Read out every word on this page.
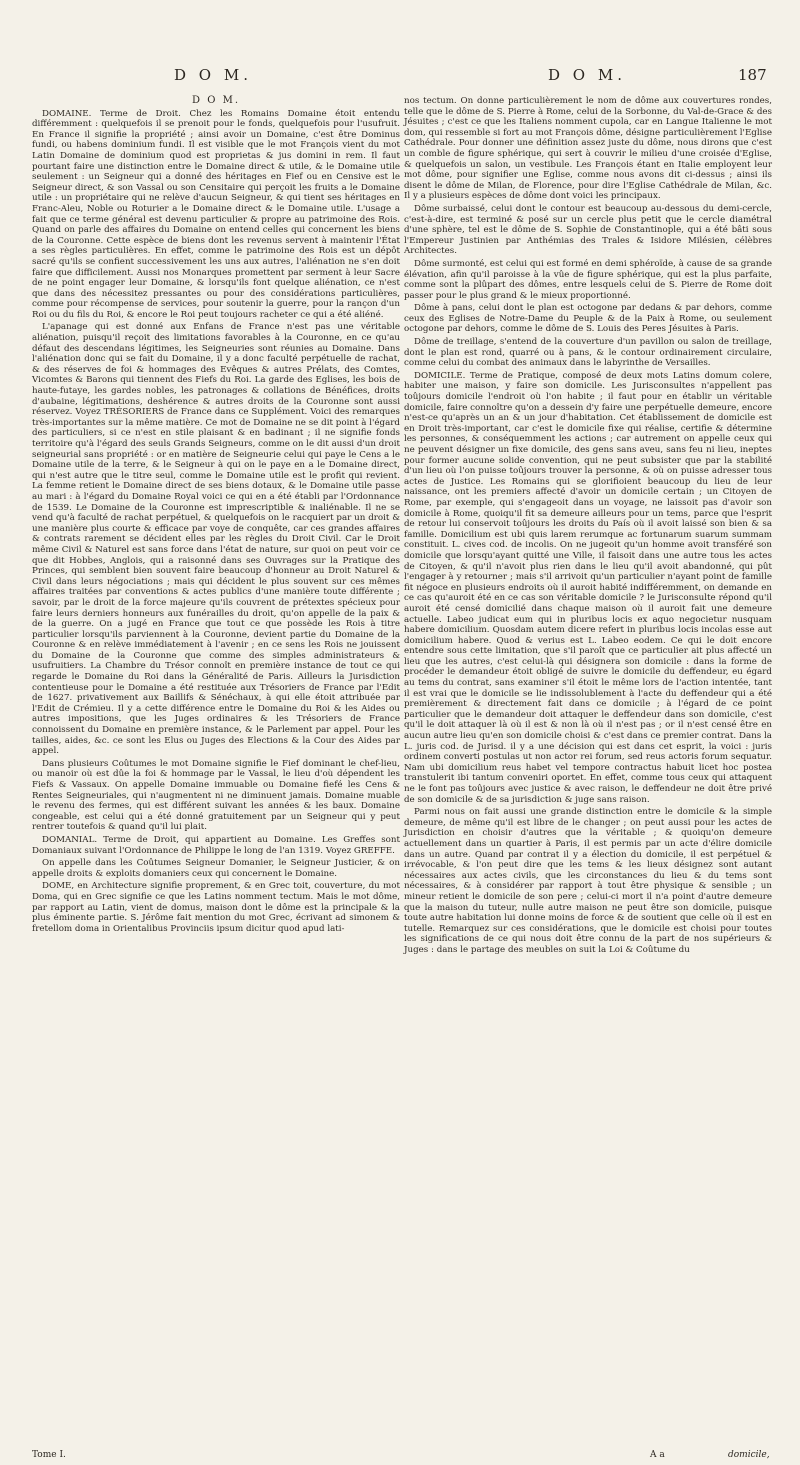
D O M.	D O M.	187

D O M.

DOMAINE. Terme de Droit. Chez les Romains Domaine étoit entendu différemment : quelquefois il se prenoit pour le fonds, quelquefois pour l'usufruit. En France il signifie la propriété ; ainsi avoir un Domaine, c'est être Dominus fundi, ou habens dominium fundi. Il est visible que le mot François vient du mot Latin Domaine de dominium quod est proprietas & jus domini in rem. Il faut pourtant faire une distinction entre le Domaine direct & utile, & le Domaine utile seulement : un Seigneur qui a donné des héritages en Fief ou en Censive est le Seigneur direct, & son Vassal ou son Censitaire qui perçoit les fruits a le Domaine utile : un propriétaire qui ne relève d'aucun Seigneur, & qui tient ses héritages en Franc-Aleu, Noble ou Roturier a le Domaine direct & le Domaine utile. L'usage a fait que ce terme général est devenu particulier & propre au patrimoine des Rois. Quand on parle des affaires du Domaine on entend celles qui concernent les biens de la Couronne. Cette espèce de biens dont les revenus servent à maintenir l'État a ses règles particulières. En effet, comme le patrimoine des Rois est un dépôt sacré qu'ils se confient successivement les uns aux autres, l'aliénation ne s'en doit faire que difficilement. Aussi nos Monarques promettent par serment à leur Sacre de ne point engager leur Domaine, & lorsqu'ils font quelque aliénation, ce n'est que dans des nécessitez pressantes ou pour des considérations particulières, comme pour récompense de services, pour soutenir la guerre, pour la rançon d'un Roi ou du fils du Roi, & encore le Roi peut toujours racheter ce qui a été aliéné.

L'apanage qui est donné aux Enfans de France n'est pas une véritable aliénation, puisqu'il reçoit des limitations favorables à la Couronne, en ce qu'au défaut des descendans légitimes, les Seigneuries sont réunies au Domaine. Dans l'aliénation donc qui se fait du Domaine, il y a donc faculté perpétuelle de rachat, & des réserves de foi & hommages des Evêques & autres Prélats, des Comtes, Vicomtes & Barons qui tiennent des Fiefs du Roi. La garde des Eglises, les bois de haute-futaye, les gardes nobles, les patronages & collations de Bénéfices, droits d'aubaine, légitimations, deshérence & autres droits de la Couronne sont aussi réservez. Voyez TRÉSORIERS de France dans ce Supplément. Voici des remarques très-importantes sur la même matière. Ce mot de Domaine ne se dit point à l'égard des particuliers, si ce n'est en stile plaisant & en badinant ; il ne signifie fonds territoire qu'à l'égard des seuls Grands Seigneurs, comme on le dit aussi d'un droit seigneurial sans propriété : or en matière de Seigneurie celui qui paye le Cens a le Domaine utile de la terre, & le Seigneur à qui on le paye en a le Domaine direct, qui n'est autre que le titre seul, comme le Domaine utile est le profit qui revient. La femme retient le Domaine direct de ses biens dotaux, & le Domaine utile passe au mari : à l'égard du Domaine Royal voici ce qui en a été établi par l'Ordonnance de 1539. Le Domaine de la Couronne est imprescriptible & inaliénable. Il ne se vend qu'à faculté de rachat perpétuel, & quelquefois on le racquiert par un droit & une manière plus courte & efficace par voye de conquête, car ces grandes affaires & contrats rarement se décident elles par les règles du Droit Civil. Car le Droit même Civil & Naturel est sans force dans l'état de nature, sur quoi on peut voir ce que dit Hobbes, Anglois, qui a raisonné dans ses Ouvrages sur la Pratique des Princes, qui semblent bien souvent faire beaucoup d'honneur au Droit Naturel & Civil dans leurs négociations ; mais qui décident le plus souvent sur ces mêmes affaires traitées par conventions & actes publics d'une manière toute différente ; savoir, par le droit de la force majeure qu'ils couvrent de prétextes spécieux pour faire leurs derniers honneurs aux funérailles du droit, qu'on appelle de la paix & de la guerre. On a jugé en France que tout ce que possède les Rois à titre particulier lorsqu'ils parviennent à la Couronne, devient partie du Domaine de la Couronne & en relève immédiatement à l'avenir ; en ce sens les Rois ne jouissent du Domaine de la Couronne que comme des simples administrateurs & usufruitiers. La Chambre du Trésor connoît en première instance de tout ce qui regarde le Domaine du Roi dans la Généralité de Paris. Ailleurs la Jurisdiction contentieuse pour le Domaine a été restituée aux Trésoriers de France par l'Edit de 1627. privativement aux Baillifs & Sénéchaux, à qui elle étoit attribuée par l'Edit de Crémieu. Il y a cette différence entre le Domaine du Roi & les Aides ou autres impositions, que les Juges ordinaires & les Trésoriers de France connoissent du Domaine en première instance, & le Parlement par appel. Pour les tailles, aides, &c. ce sont les Elus ou Juges des Elections & la Cour des Aides par appel.

Dans plusieurs Coûtumes le mot Domaine signifie le Fief dominant le chef-lieu, ou manoir où est dûe la foi & hommage par le Vassal, le lieu d'où dépendent les Fiefs & Vassaux. On appelle Domaine immuable ou Domaine fiefé les Cens & Rentes Seigneuriales, qui n'augmentent ni ne diminuent jamais. Domaine muable le revenu des fermes, qui est différent suivant les années & les baux. Domaine congeable, est celui qui a été donné gratuitement par un Seigneur qui y peut rentrer toutefois & quand qu'il lui plait.

DOMANIAL. Terme de Droit, qui appartient au Domaine. Les Greffes sont Domaniaux suivant l'Ordonnance de Philippe le long de l'an 1319. Voyez GREFFE.

On appelle dans les Coûtumes Seigneur Domanier, le Seigneur Justicier, & on appelle droits & exploits domaniers ceux qui concernent le Domaine.

DOME, en Architecture signifie proprement, & en Grec toit, couverture, du mot Doma, qui en Grec signifie ce que les Latins nomment tectum. Mais le mot dôme, par rapport au Latin, vient de domus, maison dont le dôme est la principale & la plus éminente partie. S. Jérôme fait mention du mot Grec, écrivant ad simonem & fretellom doma in Orientalibus Provinciis ipsum dicitur quod apud lati-

nos tectum. On donne particulièrement le nom de dôme aux couvertures rondes, telle que le dôme de S. Pierre à Rome, celui de la Sorbonne, du Val-de-Grace & des Jésuites ; c'est ce que les Italiens nomment cupola, car en Langue Italienne le mot dom, qui ressemble si fort au mot François dôme, désigne particulièrement l'Eglise Cathédrale. Pour donner une définition assez juste du dôme, nous dirons que c'est un comble de figure sphérique, qui sert à couvrir le milieu d'une croisée d'Eglise, & quelquefois un salon, un vestibule. Les François étant en Italie employent leur mot dôme, pour signifier une Eglise, comme nous avons dit ci-dessus ; ainsi ils disent le dôme de Milan, de Florence, pour dire l'Eglise Cathédrale de Milan, &c. Il y a plusieurs espèces de dôme dont voici les principaux.

Dôme surbaissé, celui dont le contour est beaucoup au-dessous du demi-cercle, c'est-à-dire, est terminé & posé sur un cercle plus petit que le cercle diamétral d'une sphère, tel est le dôme de S. Sophie de Constantinople, qui a été bâti sous l'Empereur Justinien par Anthémias des Trales & Isidore Milésien, célèbres Architectes.

Dôme surmonté, est celui qui est formé en demi sphéroïde, à cause de sa grande élévation, afin qu'il paroisse à la vûe de figure sphérique, qui est la plus parfaite, comme sont la plûpart des dômes, entre lesquels celui de S. Pierre de Rome doit passer pour le plus grand & le mieux proportionné.

Dôme à pans, celui dont le plan est octogone par dedans & par dehors, comme ceux des Eglises de Notre-Dame du Peuple & de la Paix à Rome, ou seulement octogone par dehors, comme le dôme de S. Louis des Peres Jésuites à Paris.

Dôme de treillage, s'entend de la couverture d'un pavillon ou salon de treillage, dont le plan est rond, quarré ou à pans, & le contour ordinairement circulaire, comme celui du combat des animaux dans le labyrinthe de Versailles.

DOMICILE. Terme de Pratique, composé de deux mots Latins domum colere, habiter une maison, y faire son domicile. Les Jurisconsultes n'appellent pas toûjours domicile l'endroit où l'on habite ; il faut pour en établir un véritable domicile, faire connoître qu'on a dessein d'y faire une perpétuelle demeure, encore n'est-ce qu'après un an & un jour d'habitation. Cet établissement de domicile est en Droit très-important, car c'est le domicile fixe qui réalise, certifie & détermine les personnes, & conséquemment les actions ; car autrement on appelle ceux qui ne peuvent désigner un fixe domicile, des gens sans aveu, sans feu ni lieu, ineptes pour former aucune solide convention, qui ne peut subsister que par la stabilité d'un lieu où l'on puisse toûjours trouver la personne, & où on puisse adresser tous actes de Justice. Les Romains qui se glorifioient beaucoup du lieu de leur naissance, ont les premiers affecté d'avoir un domicile certain ; un Citoyen de Rome, par exemple, qui s'engageoit dans un voyage, ne laissoit pas d'avoir son domicile à Rome, quoiqu'il fit sa demeure ailleurs pour un tems, parce que l'esprit de retour lui conservoit toûjours les droits du País où il avoit laissé son bien & sa famille. Domicilium est ubi quis larem rerumque ac fortunarum suarum summam constituit. L. cives cod. de incolis. On ne jugeoit qu'un homme avoit transféré son domicile que lorsqu'ayant quitté une Ville, il faisoit dans une autre tous les actes de Citoyen, & qu'il n'avoit plus rien dans le lieu qu'il avoit abandonné, qui pût l'engager à y retourner ; mais s'il arrivoit qu'un particulier n'ayant point de famille fit négoce en plusieurs endroits où il auroit habité indifféremment, on demande en ce cas qu'auroit été en ce cas son véritable domicile ? le Jurisconsulte répond qu'il auroit été censé domicilié dans chaque maison où il auroit fait une demeure actuelle. Labeo judicat eum qui in pluribus locis ex aquo negocietur nusquam habere domicilium. Quosdam autem dicere refert in pluribus locis incolas esse aut domicilium habere. Quod & verius est L. Labeo eodem. Ce qui le doit encore entendre sous cette limitation, que s'il paroît que ce particulier ait plus affecté un lieu que les autres, c'est celui-là qui désignera son domicile : dans la forme de procéder le demandeur étoit obligé de suivre le domicile du deffendeur, eu égard au tems du contrat, sans examiner s'il étoit le même lors de l'action intentée, tant il est vrai que le domicile se lie indissolublement à l'acte du deffendeur qui a été premièrement & directement fait dans ce domicile ; à l'égard de ce point particulier que le demandeur doit attaquer le deffendeur dans son domicile, c'est qu'il le doit attaquer là où il est & non là où il n'est pas ; or il n'est censé être en aucun autre lieu qu'en son domicile choisi & c'est dans ce premier contrat. Dans la L. juris cod. de Jurisd. il y a une décision qui est dans cet esprit, la voici : juris ordinem converti postulas ut non actor rei forum, sed reus actoris forum sequatur. Nam ubi domicilium reus habet vel tempore contractus habuit licet hoc postea transtulerit ibi tantum conveniri oportet. En effet, comme tous ceux qui attaquent ne le font pas toûjours avec justice & avec raison, le deffendeur ne doit être privé de son domicile & de sa jurisdiction & juge sans raison.

Parmi nous on fait aussi une grande distinction entre le domicile & la simple demeure, de même qu'il est libre de le changer ; on peut aussi pour les actes de Jurisdiction en choisir d'autres que la véritable ; & quoiqu'on demeure actuellement dans un quartier à Paris, il est permis par un acte d'élire domicile dans un autre. Quand par contrat il y a élection du domicile, il est perpétuel & irrévocable, & l'on peut dire que les tems & les lieux désignez sont autant nécessaires aux actes civils, que les circonstances du lieu & du tems sont nécessaires, & à considérer par rapport à tout être physique & sensible ; un mineur retient le domicile de son pere ; celui-ci mort il n'a point d'autre demeure que la maison du tuteur, nulle autre maison ne peut être son domicile, puisque toute autre habitation lui donne moins de force & de soutient que celle où il est en tutelle. Remarquez sur ces considérations, que le domicile est choisi pour toutes les significations de ce qui nous doit être connu de la part de nos supérieurs & Juges : dans le partage des meubles on suit la Loi & Coûtume du

Tome I.	A a	domicile,
